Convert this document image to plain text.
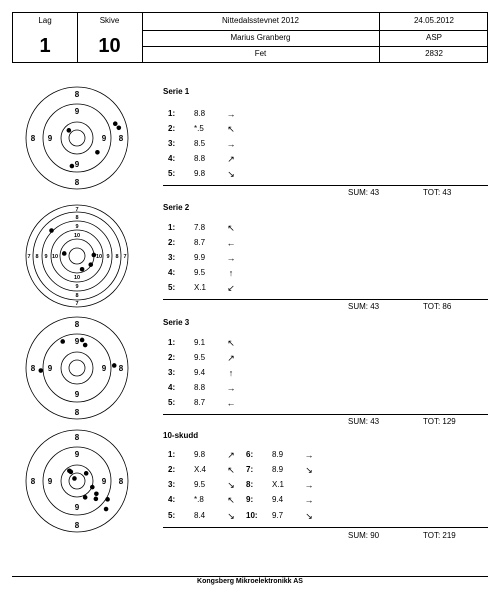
Lag
1
Skive
10
Nittedalsstevnet 2012	24.05.2012
Marius Granberg	ASP
Fet	2832
8
8
8	8
9
9
9	9
7
7
7	7
8
8
8	8
9
9
9	9
10
10
10	10
8
8
8	8
9
9
9	9
8
8
8	8
9
9
9	9
Serie 1
1:	8.8	→
2:	*.5	↖
3:	8.5	→
4:	8.8	↗
5:	9.8	↘
SUM: 43	TOT: 43
Serie 2
1:	7.8	↖
2:	8.7	←
3:	9.9	→
4:	9.5	↑
5:	X.1	↙
SUM: 43	TOT: 86
Serie 3
1:	9.1	↖
2:	9.5	↗
3:	9.4	↑
4:	8.8	→
5:	8.7	←
SUM: 43	TOT: 129
10-skudd
1:	9.8	↗
2:	X.4	↖
3:	9.5	↘
4:	*.8	↖
5:	8.4	↘
6:	8.9	→
7:	8.9	↘
8:	X.1	→
9:	9.4	→
10:	9.7	↘
SUM: 90	TOT: 219
Kongsberg Mikroelektronikk AS
